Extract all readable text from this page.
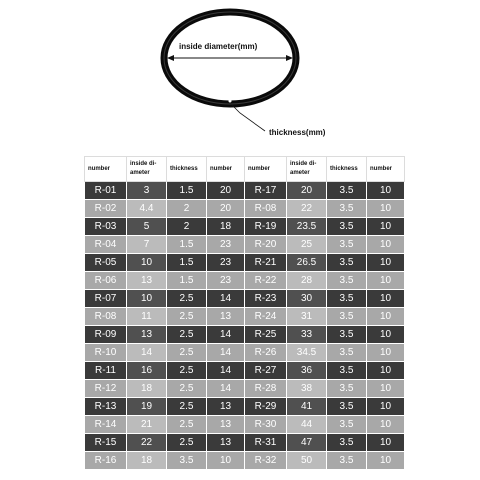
inside diameter(mm)
thickness(mm)
number	inside di-ameter	thickness	number	number	inside di-ameter	thickness	number
R-01	3	1.5	20	R-17	20	3.5	10
R-02	4.4	2	20	R-08	22	3.5	10
R-03	5	2	18	R-19	23.5	3.5	10
R-04	7	1.5	23	R-20	25	3.5	10
R-05	10	1.5	23	R-21	26.5	3.5	10
R-06	13	1.5	23	R-22	28	3.5	10
R-07	10	2.5	14	R-23	30	3.5	10
R-08	11	2.5	13	R-24	31	3.5	10
R-09	13	2.5	14	R-25	33	3.5	10
R-10	14	2.5	14	R-26	34.5	3.5	10
R-11	16	2.5	14	R-27	36	3.5	10
R-12	18	2.5	14	R-28	38	3.5	10
R-13	19	2.5	13	R-29	41	3.5	10
R-14	21	2.5	13	R-30	44	3.5	10
R-15	22	2.5	13	R-31	47	3.5	10
R-16	18	3.5	10	R-32	50	3.5	10
